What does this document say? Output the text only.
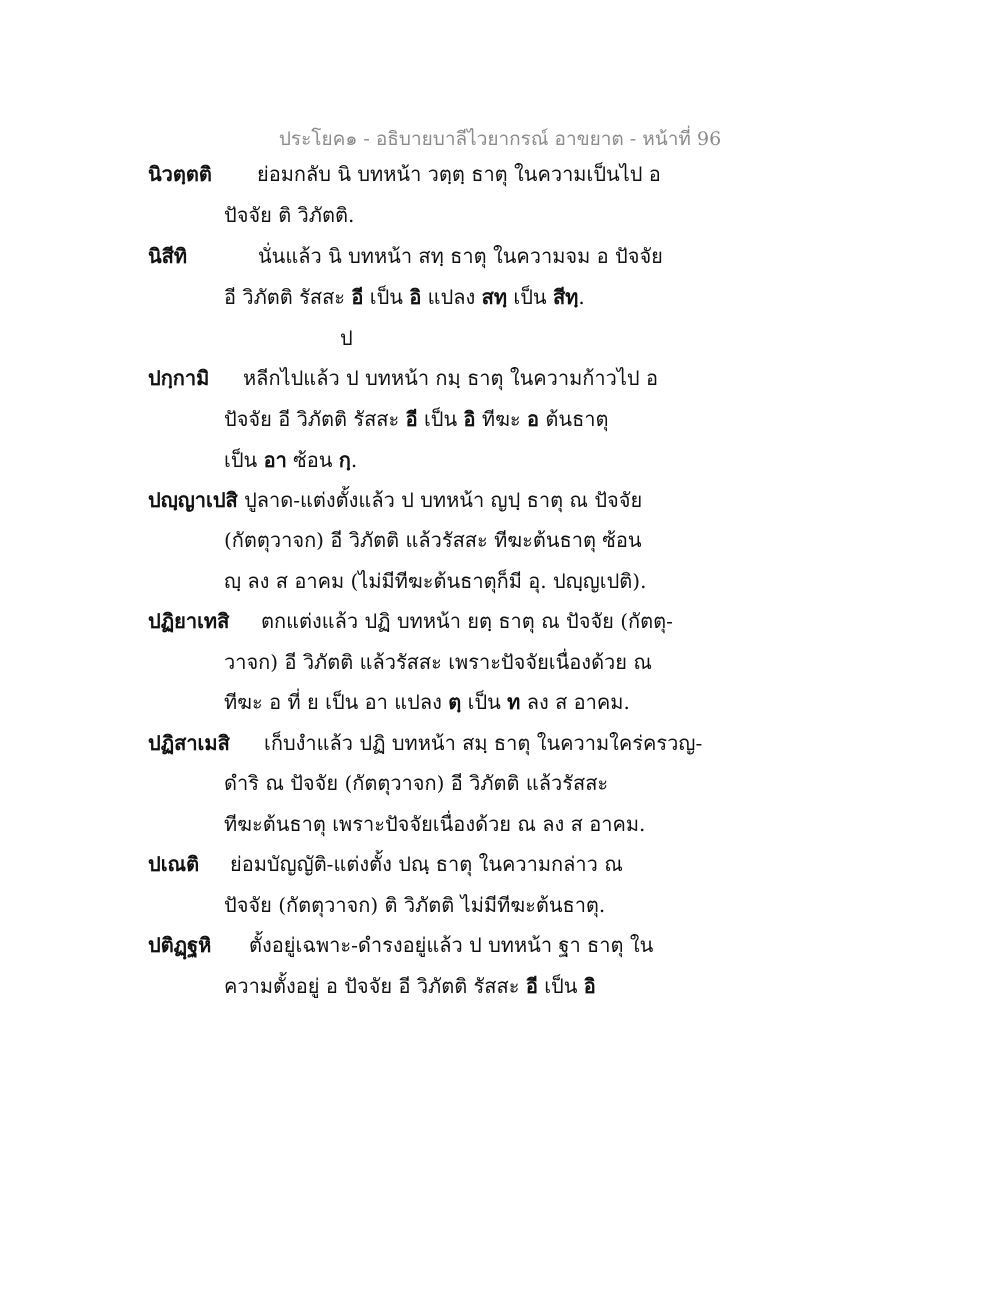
ประโยค๑ - อธิบายบาลีไวยากรณ์ อาขยาต - หน้าที่ 96
นิวตฺตติ ย่อมกลับ นิ บทหน้า วตฺตฺ ธาตุ ในความเป็นไป อ
ปัจจัย ติ วิภัตติ.
นิสีทิ	นั่นแล้ว นิ บทหน้า สทฺ ธาตุ ในความจม อ ปัจจัย
อี วิภัตติ รัสสะ อี เป็น อิ แปลง สทฺ เป็น สีทฺ.
ป
ปกฺกามิ หลีกไปแล้ว ป บทหน้า กมฺ ธาตุ ในความก้าวไป อ
ปัจจัย อี วิภัตติ รัสสะ อี เป็น อิ ทีฆะ อ ต้นธาตุ
เป็น อา ซ้อน กฺ.
ปญฺญาเปสิ ปูลาด-แต่งตั้งแล้ว ป บทหน้า ญปฺ ธาตุ ณ ปัจจัย
(กัตตุวาจก) อี วิภัตติ แล้วรัสสะ ทีฆะต้นธาตุ ซ้อน
ญฺ ลง ส อาคม (ไม่มีทีฆะต้นธาตุก็มี อุ. ปญฺญเปติ).
ปฏิยาเทสิ ตกแต่งแล้ว ปฏิ บทหน้า ยตฺ ธาตุ ณ ปัจจัย (กัตตุ-
วาจก) อี วิภัตติ แล้วรัสสะ เพราะปัจจัยเนื่องด้วย ณ
ทีฆะ อ ที่ ย เป็น อา แปลง ตฺ เป็น ท ลง ส อาคม.
ปฏิสาเมสิ เก็บงำแล้ว ปฏิ บทหน้า สมฺ ธาตุ ในความใคร่ครวญ-
ดำริ ณ ปัจจัย (กัตตุวาจก) อี วิภัตติ แล้วรัสสะ
ทีฆะต้นธาตุ เพราะปัจจัยเนื่องด้วย ณ ลง ส อาคม.
ปเณติ ย่อมบัญญัติ-แต่งตั้ง ปณฺ ธาตุ ในความกล่าว ณ
ปัจจัย (กัตตุวาจก) ติ วิภัตติ ไม่มีทีฆะต้นธาตุ.
ปติฏฺฐหิ ตั้งอยู่เฉพาะ-ดำรงอยู่แล้ว ป บทหน้า ฐา ธาตุ ใน
ความตั้งอยู่ อ ปัจจัย อี วิภัตติ รัสสะ อี เป็น อิ
